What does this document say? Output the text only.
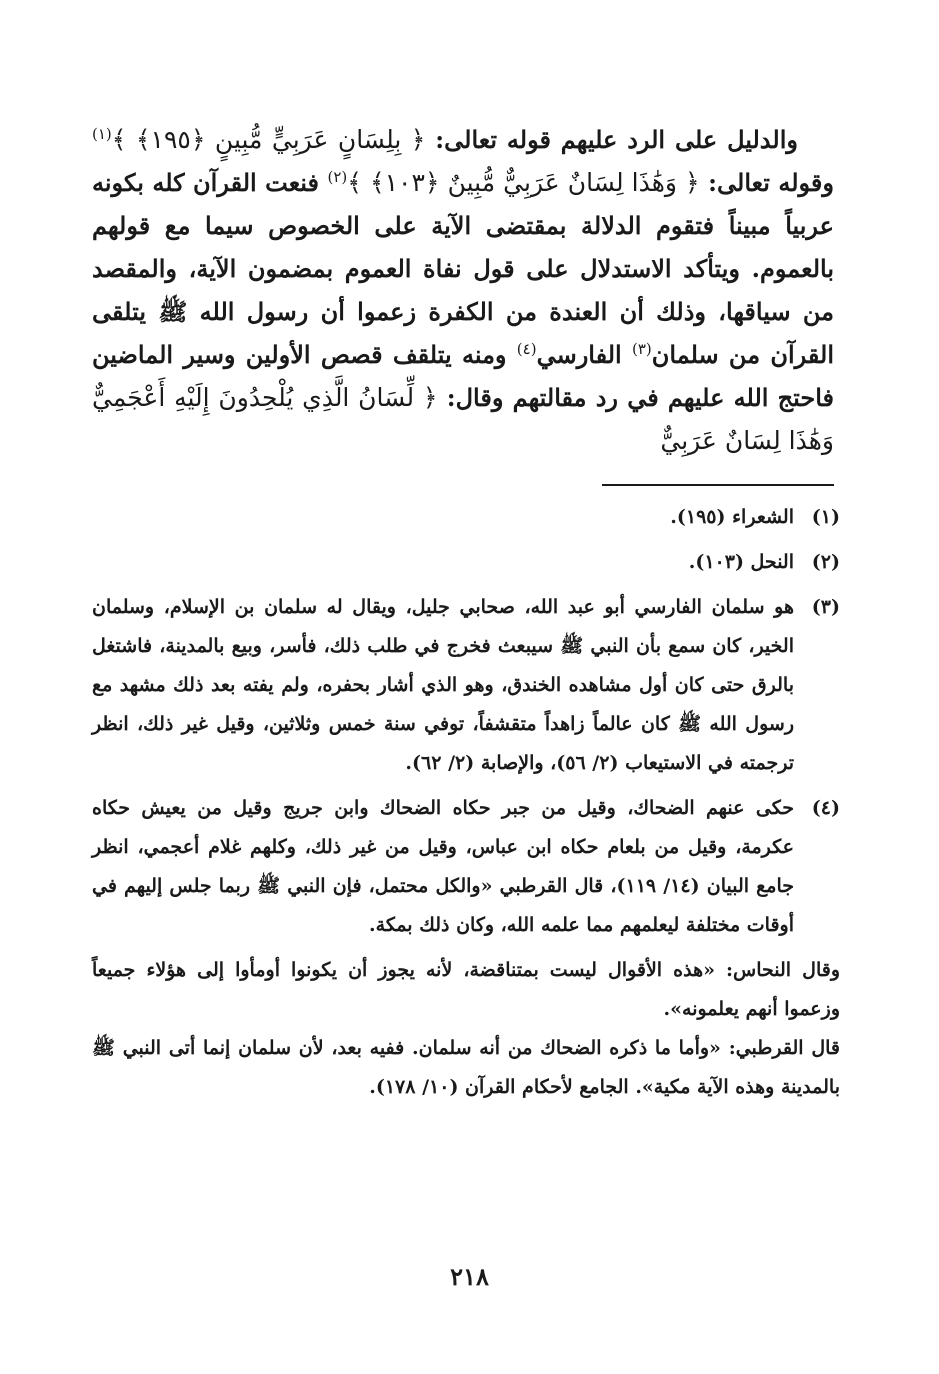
والدليل على الرد عليهم قوله تعالى: ﴿ بِلِسَانٍ عَرَبِيٍّ مُّبِينٍ ﴿١٩٥﴾ ﴾$^{(١)}$ وقوله تعالى: ﴿ وَهَٰذَا لِسَانٌ عَرَبِيٌّ مُّبِينٌ ﴿١٠٣﴾ ﴾$^{(٢)}$ فنعت القرآن كله بكونه عربياً مبيناً فتقوم الدلالة بمقتضى الآية على الخصوص سيما مع قولهم بالعموم. ويتأكد الاستدلال على قول نفاة العموم بمضمون الآية، والمقصد من سياقها، وذلك أن العندة من الكفرة زعموا أن رسول الله ﷺ يتلقى القرآن من سلمان$^{(٣)}$ الفارسي$^{(٤)}$ ومنه يتلقف قصص الأولين وسير الماضين فاحتج الله عليهم في رد مقالتهم وقال: ﴿ لِّسَانُ الَّذِي يُلْحِدُونَ إِلَيْهِ أَعْجَمِيٌّ وَهَٰذَا لِسَانٌ عَرَبِيٌّ

(١)
الشعراء (١٩٥).
(٢)
النحل (١٠٣).
(٣)
هو سلمان الفارسي أبو عبد الله، صحابي جليل، ويقال له سلمان بن الإسلام، وسلمان الخير، كان سمع بأن النبي ﷺ سيبعث فخرج في طلب ذلك، فأسر، وبيع بالمدينة، فاشتغل بالرق حتى كان أول مشاهده الخندق، وهو الذي أشار بحفره، ولم يفته بعد ذلك مشهد مع رسول الله ﷺ كان عالماً زاهداً متقشفاً، توفي سنة خمس وثلاثين، وقيل غير ذلك، انظر ترجمته في الاستيعاب (٢/ ٥٦)، والإصابة (٢/ ٦٢).
(٤)
حكى عنهم الضحاك، وقيل من جبر حكاه الضحاك وابن جريج وقيل من يعيش حكاه عكرمة، وقيل من بلعام حكاه ابن عباس، وقيل من غير ذلك، وكلهم غلام أعجمي، انظر جامع البيان (١٤/ ١١٩)، قال القرطبي «والكل محتمل، فإن النبي ﷺ ربما جلس إليهم في أوقات مختلفة ليعلمهم مما علمه الله، وكان ذلك بمكة.

وقال النحاس: «هذه الأقوال ليست بمتناقضة، لأنه يجوز أن يكونوا أومأوا إلى هؤلاء جميعاً وزعموا أنهم يعلمونه».

قال القرطبي: «وأما ما ذكره الضحاك من أنه سلمان. ففيه بعد، لأن سلمان إنما أتى النبي ﷺ بالمدينة وهذه الآية مكية». الجامع لأحكام القرآن (١٠/ ١٧٨).

٢١٨
